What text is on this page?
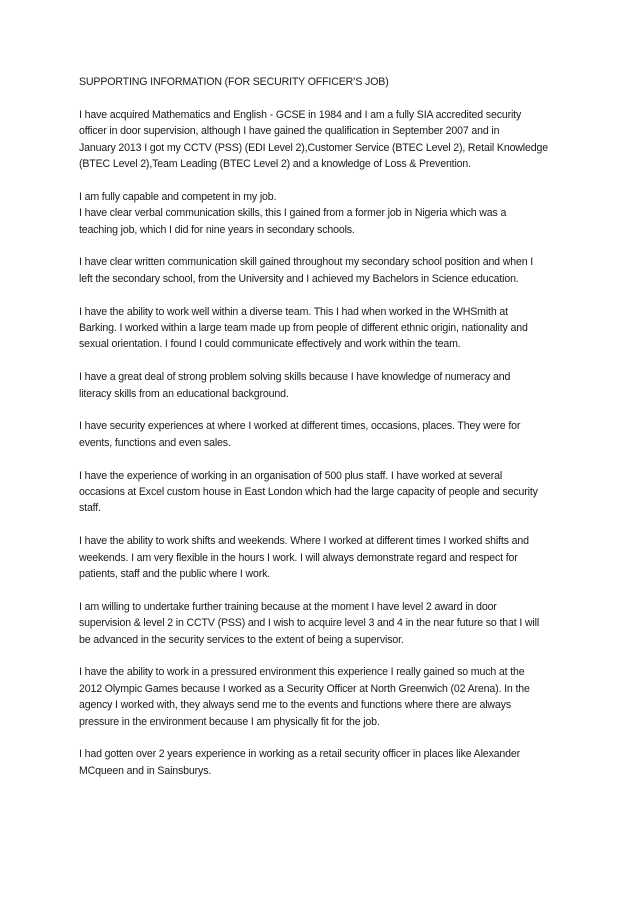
SUPPORTING INFORMATION (FOR SECURITY OFFICER’S JOB)

I have acquired Mathematics and English - GCSE in 1984 and I am a fully SIA accredited security
officer in door supervision, although I have gained the qualification in September 2007 and in
January 2013 I got my CCTV (PSS) (EDI Level 2),Customer Service (BTEC Level 2), Retail Knowledge
(BTEC Level 2),Team Leading (BTEC Level 2) and a knowledge of Loss & Prevention.

I am fully capable and competent in my job.
I have clear verbal communication skills, this I gained from a former job in Nigeria which was a
teaching job, which I did for nine years in secondary schools.

I have clear written communication skill gained throughout my secondary school position and when I
left the secondary school, from the University and I achieved my Bachelors in Science education.

I have the ability to work well within a diverse team. This I had when worked in the WHSmith at
Barking. I worked within a large team made up from people of different ethnic origin, nationality and
sexual orientation. I found I could communicate effectively and work within the team.

I have a great deal of strong problem solving skills because I have knowledge of numeracy and
literacy skills from an educational background.

I have security experiences at where I worked at different times, occasions, places. They were for
events, functions and even sales.

I have the experience of working in an organisation of 500 plus staff. I have worked at several
occasions at Excel custom house in East London which had the large capacity of people and security
staff.

I have the ability to work shifts and weekends. Where I worked at different times I worked shifts and
weekends. I am very flexible in the hours I work. I will always demonstrate regard and respect for
patients, staff and the public where I work.

I am willing to undertake further training because at the moment I have level 2 award in door
supervision & level 2 in CCTV (PSS) and I wish to acquire level 3 and 4 in the near future so that I will
be advanced in the security services to the extent of being a supervisor.

I have the ability to work in a pressured environment this experience I really gained so much at the
2012 Olympic Games because I worked as a Security Officer at North Greenwich (02 Arena). In the
agency I worked with, they always send me to the events and functions where there are always
pressure in the environment because I am physically fit for the job.

I had gotten over 2 years experience in working as a retail security officer in places like Alexander
MCqueen and in Sainsburys.
